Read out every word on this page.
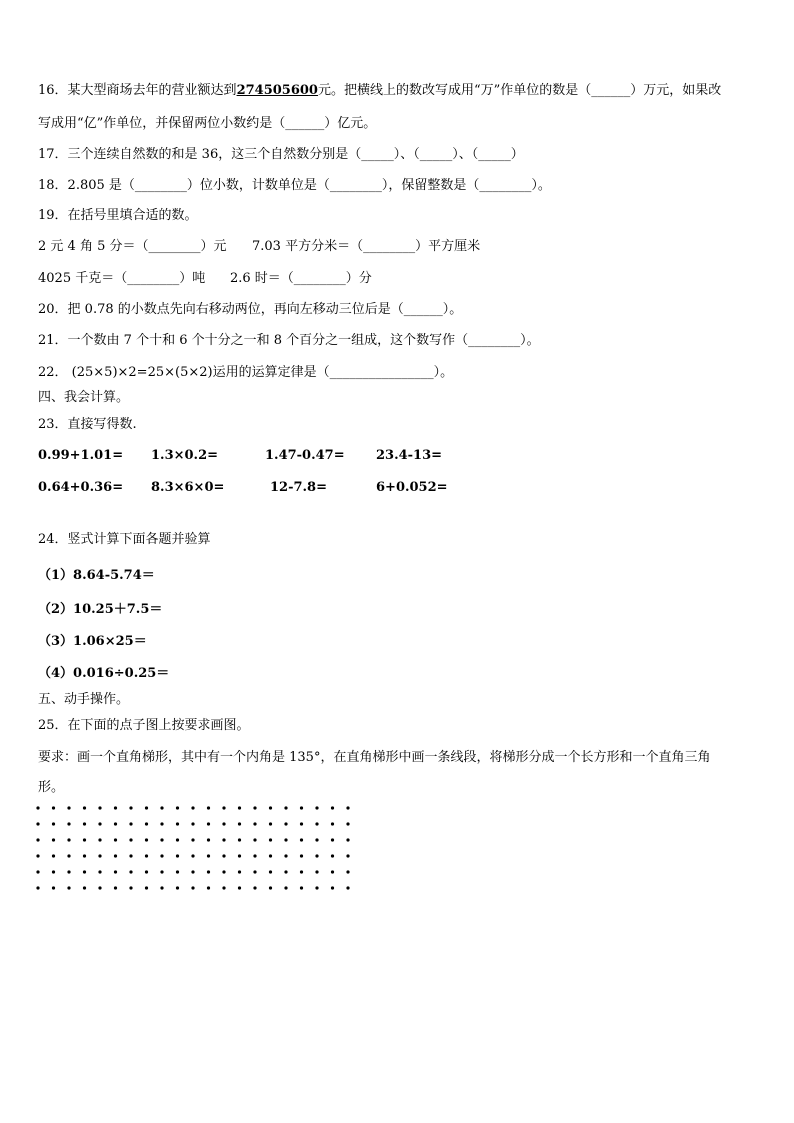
16．某大型商场去年的营业额达到274505600元。把横线上的数改写成用“万”作单位的数是（______）万元，如果改
写成用“亿”作单位，并保留两位小数约是（______）亿元。
17．三个连续自然数的和是 36，这三个自然数分别是（_____）、（_____）、（_____）
18．2.805 是（________）位小数，计数单位是（________），保留整数是（________）。
19．在括号里填合适的数。
2 元 4 角 5 分＝（________）元 7.03 平方分米＝（________）平方厘米
4025 千克＝（________）吨 2.6 时＝（________）分
20．把 0.78 的小数点先向右移动两位，再向左移动三位后是（______）。
21．一个数由 7 个十和 6 个十分之一和 8 个百分之一组成，这个数写作（________）。
22． (25×5)×2=25×(5×2)运用的运算定律是（________________）。
四、我会计算。
23．直接写得数.
0.99+1.01= 1.3×0.2=	1.47-0.47= 23.4-13=
0.64+0.36= 8.3×6×0=	12-7.8=	6+0.052=
24．竖式计算下面各题并验算
（1）8.64-5.74＝
（2）10.25＋7.5＝
（3）1.06×25＝
（4）0.016÷0.25＝
五、动手操作。
25．在下面的点子图上按要求画图。
要求：画一个直角梯形，其中有一个内角是 135°，在直角梯形中画一条线段，将梯形分成一个长方形和一个直角三角
形。
